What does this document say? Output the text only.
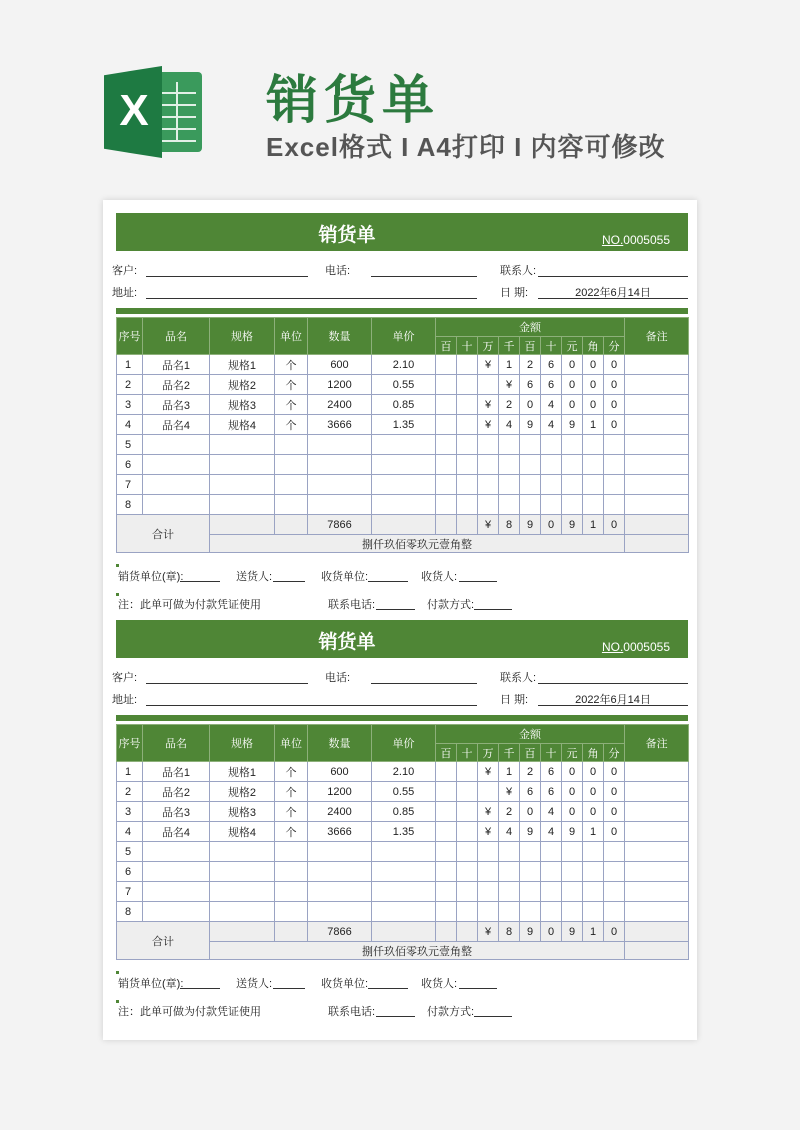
X 销货单
Excel格式 I A4打印 I 内容可修改
销货单	NO.0005055
客户:	电话:	联系人:
地址:	日 期:	2022年6月14日
序号	品名	规格	单位	数量	单价	金额									备注
						百	十	万	千	百	十	元	角	分	
1	品名1	规格1	个	600	2.10			¥	1	2	6	0	0	0	
2	品名2	规格2	个	1200	0.55				¥	6	6	0	0	0	
3	品名3	规格3	个	2400	0.85			¥	2	0	4	0	0	0	
4	品名4	规格4	个	3666	1.35			¥	4	9	4	9	1	0	
5															
6															
7															
8															
合计				7866				¥	8	9	0	9	1	0	
		捌仟玖佰零玖元壹角整													
销货单位(章):	送货人:	收货单位:	收货人:
注：此单可做为付款凭证使用	联系电话:	付款方式:
销货单	NO.0005055
客户:	电话:	联系人:
地址:	日 期:	2022年6月14日
序号	品名	规格	单位	数量	单价	金额									备注
						百	十	万	千	百	十	元	角	分	
1	品名1	规格1	个	600	2.10			¥	1	2	6	0	0	0	
2	品名2	规格2	个	1200	0.55				¥	6	6	0	0	0	
3	品名3	规格3	个	2400	0.85			¥	2	0	4	0	0	0	
4	品名4	规格4	个	3666	1.35			¥	4	9	4	9	1	0	
5															
6															
7															
8															
合计				7866				¥	8	9	0	9	1	0	
		捌仟玖佰零玖元壹角整													
销货单位(章):	送货人:	收货单位:	收货人:
注：此单可做为付款凭证使用	联系电话:	付款方式:
